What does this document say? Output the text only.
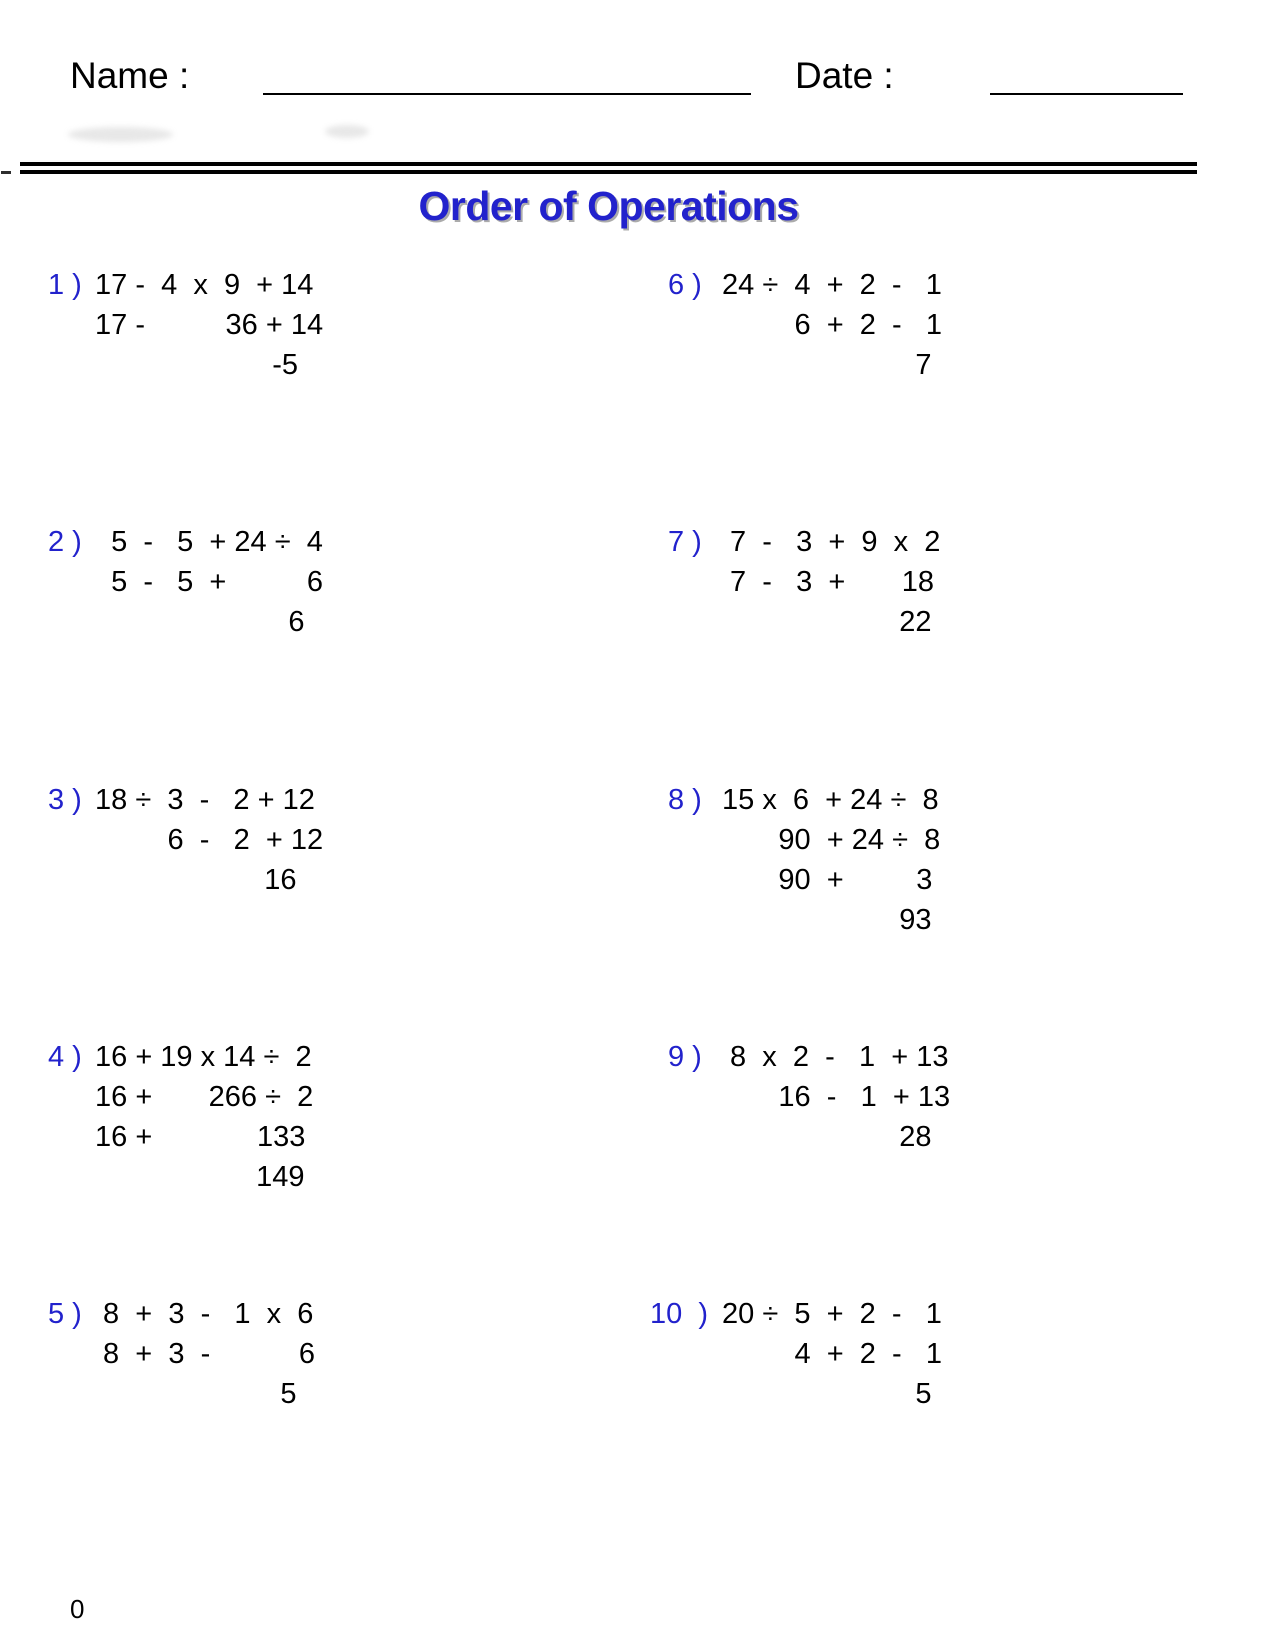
Name :	Date :
Order of Operations
1 ) 17 -  4  x  9  + 14
17 -          36 + 14
-5
2 ) 5  -   5  + 24 ÷  4
5  -   5  +          6
6
3 ) 18 ÷  3  -   2 + 12
6  -   2  + 12
16
4 ) 16 + 19 x 14 ÷  2
16 +       266 ÷  2
16 +             133
149
5 ) 8  +  3  -   1  x  6
8  +  3  -           6
5
6 ) 24 ÷  4  +  2  -   1
6  +  2  -   1
7
7 ) 7  -   3  +  9  x  2
7  -   3  +       18
22
8 ) 15 x  6  + 24 ÷  8
90  + 24 ÷  8
90  +         3
93
9 ) 8  x  2  -   1  + 13
16  -   1  + 13
28
10  ) 20 ÷  5  +  2  -   1
4  +  2  -   1
5
0
